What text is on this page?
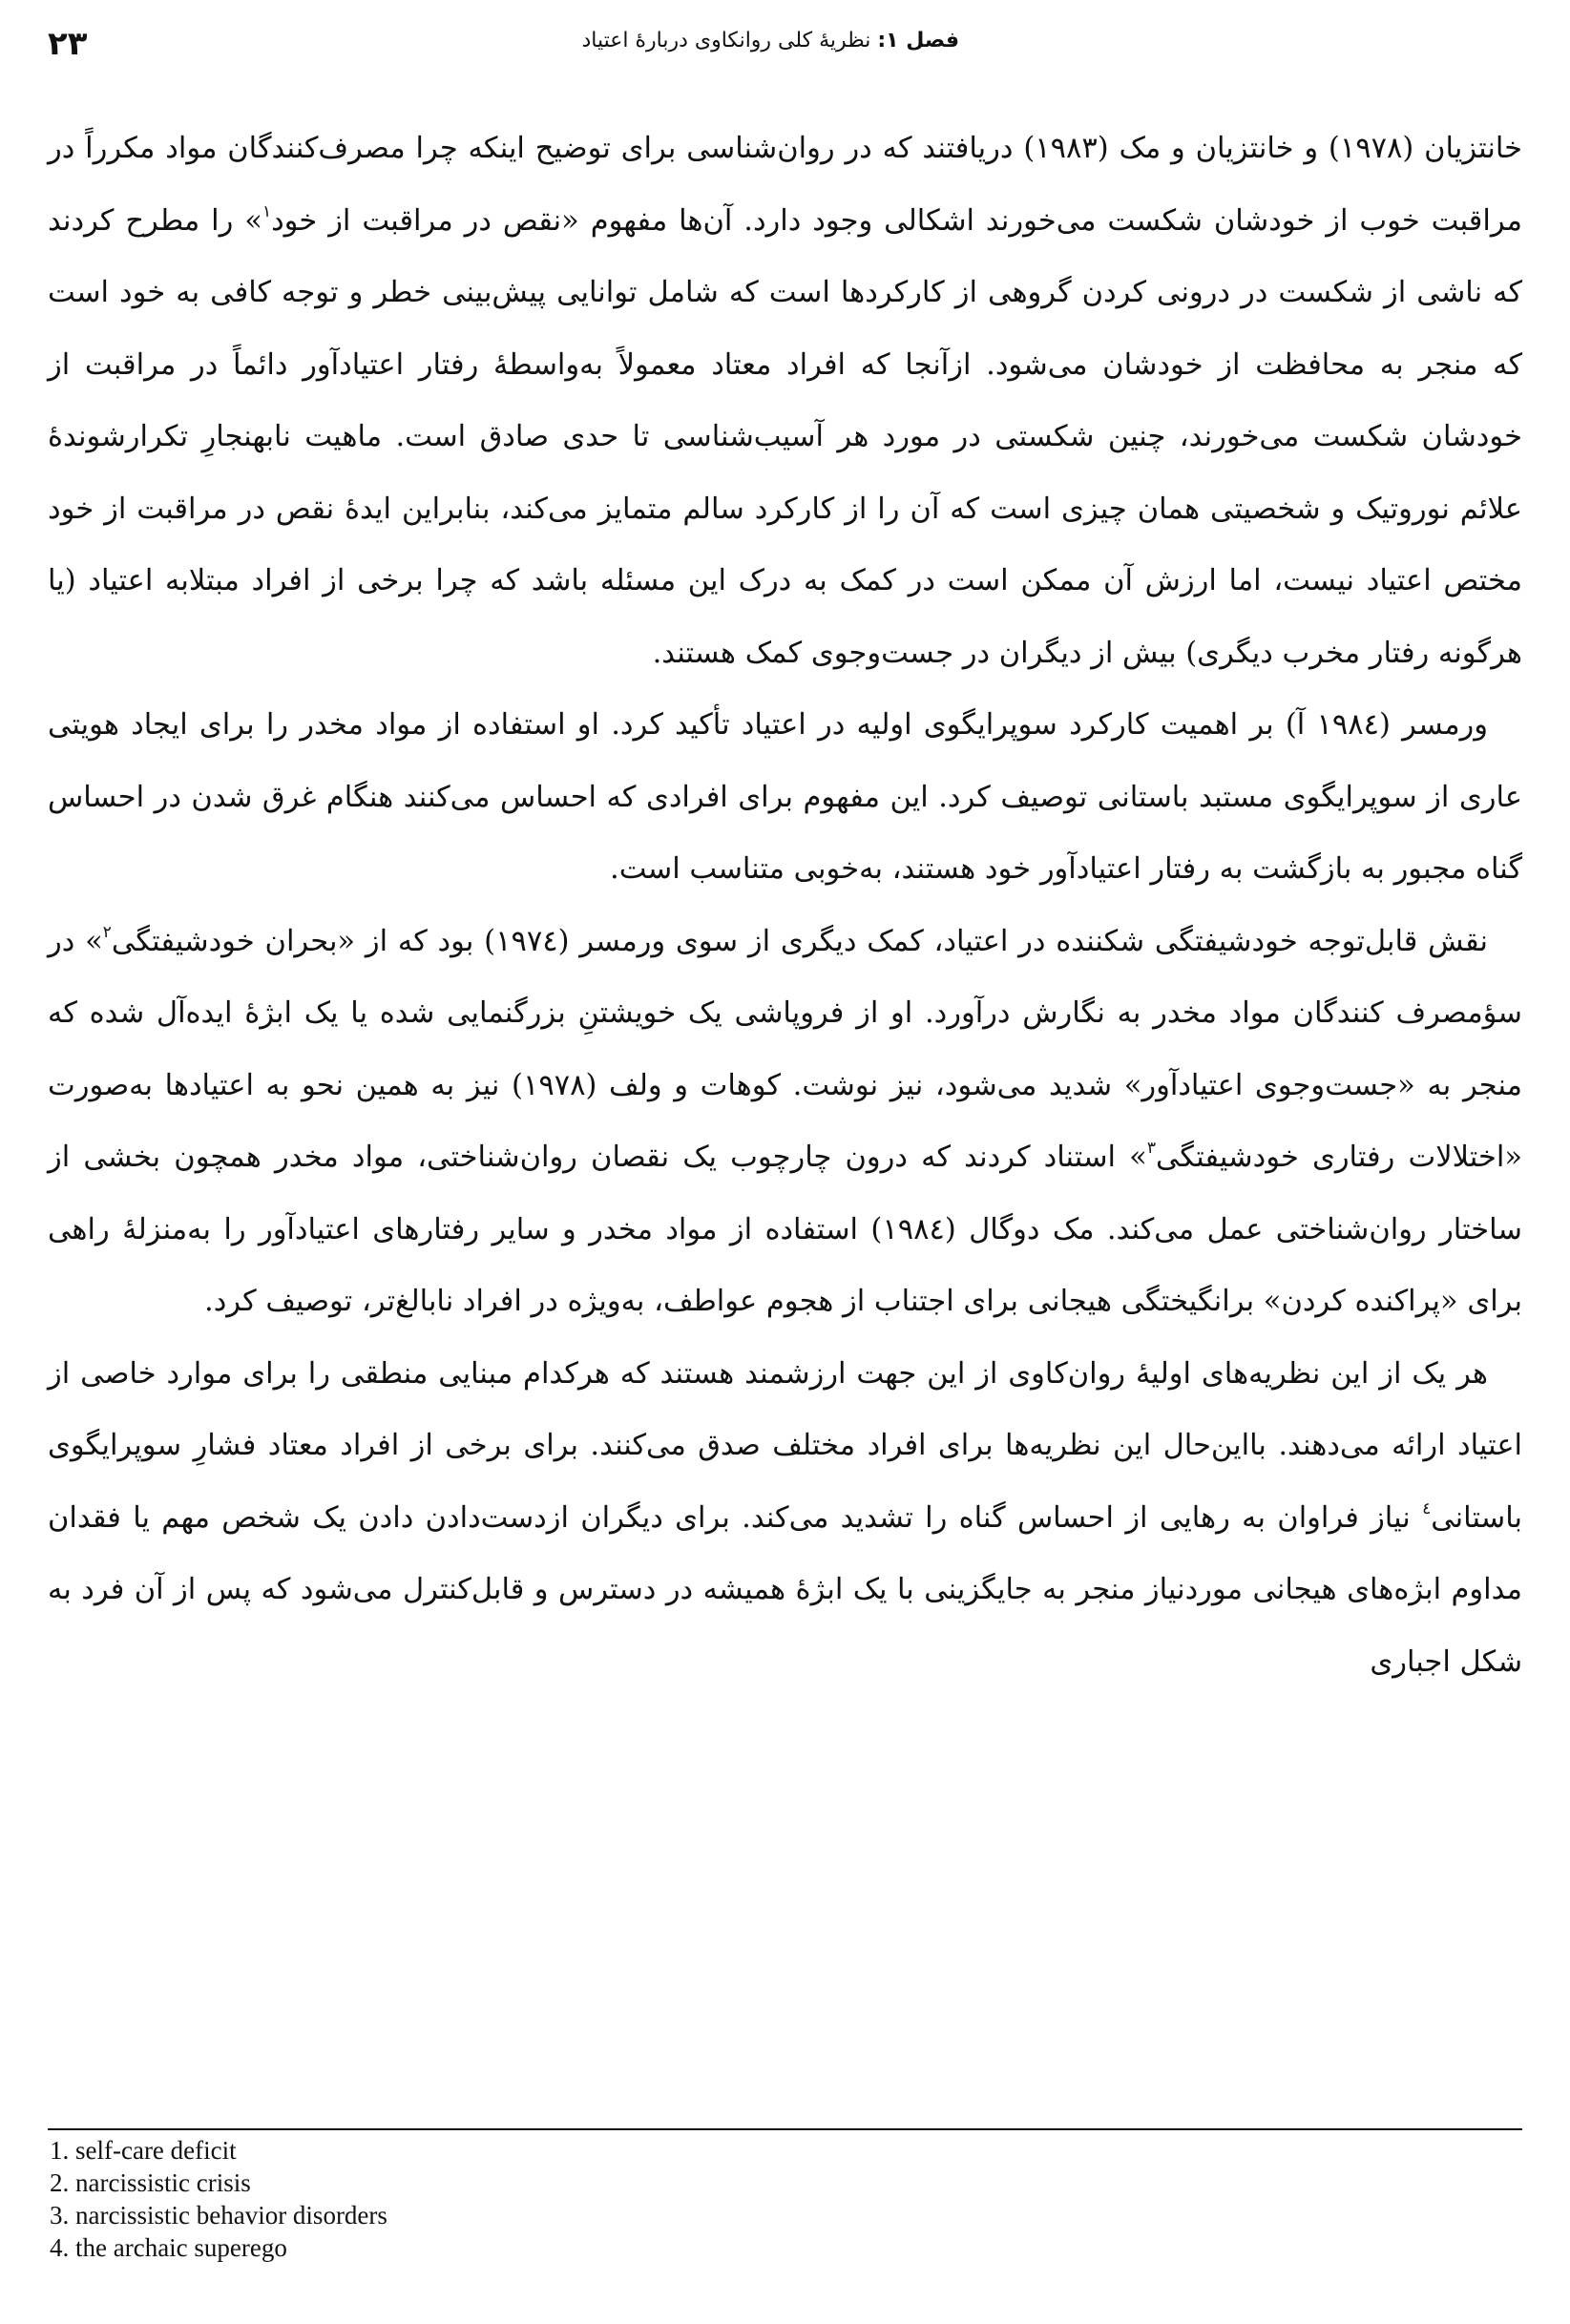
۲۳	فصل ۱: نظریهٔ کلی روانکاوی دربارهٔ اعتیاد

خانتزیان (۱۹۷۸) و خانتزیان و مک (۱۹۸۳) دریافتند که در روان‌شناسی برای توضیح اینکه چرا مصرف‌کنندگان مواد مکرراً در مراقبت خوب از خودشان شکست می‌خورند اشکالی وجود دارد. آن‌ها مفهوم «نقص در مراقبت از خود$^۱$» را مطرح کردند که ناشی از شکست در درونی کردن گروهی از کارکردها است که شامل توانایی پیش‌بینی خطر و توجه کافی به خود است که منجر به محافظت از خودشان می‌شود. ازآنجا که افراد معتاد معمولاً به‌واسطهٔ رفتار اعتیادآور دائماً در مراقبت از خودشان شکست می‌خورند، چنین شکستی در مورد هر آسیب‌شناسی تا حدی صادق است. ماهیت نابهنجارِ تکرارشوندهٔ علائم نوروتیک و شخصیتی همان چیزی است که آن را از کارکرد سالم متمایز می‌کند، بنابراین ایدهٔ نقص در مراقبت از خود مختص اعتیاد نیست، اما ارزش آن ممکن است در کمک به درک این مسئله باشد که چرا برخی از افراد مبتلابه اعتیاد (یا هرگونه رفتار مخرب دیگری) بیش از دیگران در جست‌وجوی کمک هستند.

ورمسر (۱۹۸٤ آ) بر اهمیت کارکرد سوپرایگوی اولیه در اعتیاد تأکید کرد. او استفاده از مواد مخدر را برای ایجاد هویتی عاری از سوپرایگوی مستبد باستانی توصیف کرد. این مفهوم برای افرادی که احساس می‌کنند هنگام غرق شدن در احساس گناه مجبور به بازگشت به رفتار اعتیادآور خود هستند، به‌خوبی متناسب است.

نقش قابل‌توجه خودشیفتگی شکننده در اعتیاد، کمک دیگری از سوی ورمسر (۱۹۷٤) بود که از «بحران خودشیفتگی$^۲$» در سؤمصرف کنندگان مواد مخدر به نگارش درآورد. او از فروپاشی یک خویشتنِ بزرگنمایی شده یا یک ابژهٔ ایده‌آل شده که منجر به «جست‌وجوی اعتیادآور» شدید می‌شود، نیز نوشت. کوهات و ولف (۱۹۷۸) نیز به همین نحو به اعتیادها به‌صورت «اختلالات رفتاری خودشیفتگی$^۳$» استناد کردند که درون چارچوب یک نقصان روان‌شناختی، مواد مخدر همچون بخشی از ساختار روان‌شناختی عمل می‌کند. مک دوگال (۱۹۸٤) استفاده از مواد مخدر و سایر رفتارهای اعتیادآور را به‌منزلهٔ راهی برای «پراکنده کردن» برانگیختگی هیجانی برای اجتناب از هجوم عواطف، به‌ویژه در افراد نابالغ‌تر، توصیف کرد.

هر یک از این نظریه‌های اولیهٔ روان‌کاوی از این جهت ارزشمند هستند که هرکدام مبنایی منطقی را برای موارد خاصی از اعتیاد ارائه می‌دهند. بااین‌حال این نظریه‌ها برای افراد مختلف صدق می‌کنند. برای برخی از افراد معتاد فشارِ سوپرایگوی باستانی$^٤$ نیاز فراوان به رهایی از احساس گناه را تشدید می‌کند. برای دیگران ازدست‌دادن دادن یک شخص مهم یا فقدان مداوم ابژه‌های هیجانی موردنیاز منجر به جایگزینی با یک ابژهٔ همیشه در دسترس و قابل‌کنترل می‌شود که پس از آن فرد به شکل اجباری

1. self-care deficit
2. narcissistic crisis
3. narcissistic behavior disorders
4. the archaic superego
